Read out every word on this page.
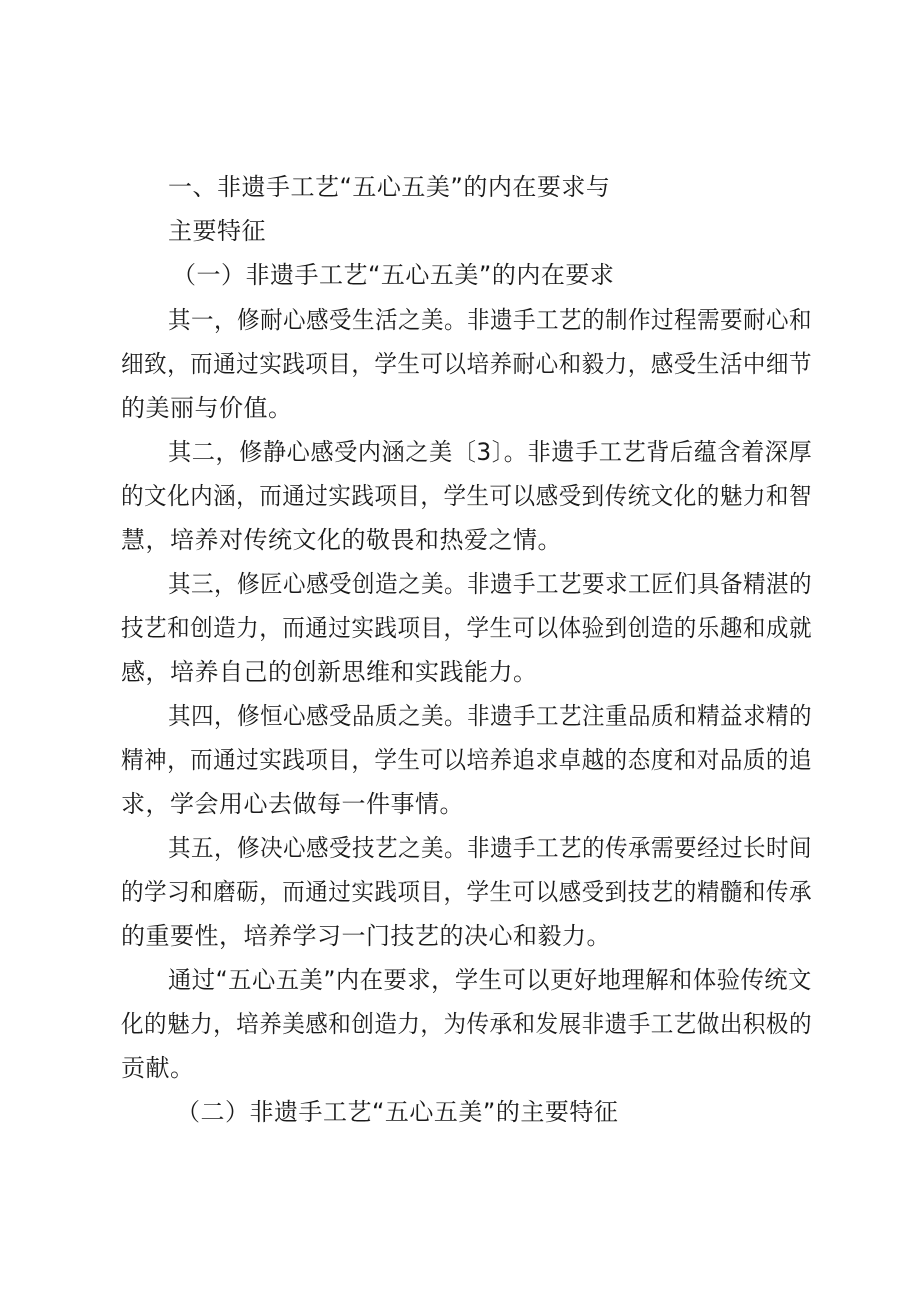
一、非遗手工艺“五心五美”的内在要求与
主要特征
（一）非遗手工艺“五心五美”的内在要求
其一，修耐心感受生活之美。非遗手工艺的制作过程需要耐心和
细致，而通过实践项目，学生可以培养耐心和毅力，感受生活中细节
的美丽与价值。
其二，修静心感受内涵之美〔3〕。非遗手工艺背后蕴含着深厚
的文化内涵，而通过实践项目，学生可以感受到传统文化的魅力和智
慧，培养对传统文化的敬畏和热爱之情。
其三，修匠心感受创造之美。非遗手工艺要求工匠们具备精湛的
技艺和创造力，而通过实践项目，学生可以体验到创造的乐趣和成就
感，培养自己的创新思维和实践能力。
其四，修恒心感受品质之美。非遗手工艺注重品质和精益求精的
精神，而通过实践项目，学生可以培养追求卓越的态度和对品质的追
求，学会用心去做每一件事情。
其五，修决心感受技艺之美。非遗手工艺的传承需要经过长时间
的学习和磨砺，而通过实践项目，学生可以感受到技艺的精髓和传承
的重要性，培养学习一门技艺的决心和毅力。
通过“五心五美”内在要求，学生可以更好地理解和体验传统文
化的魅力，培养美感和创造力，为传承和发展非遗手工艺做出积极的
贡献。
（二）非遗手工艺“五心五美”的主要特征
